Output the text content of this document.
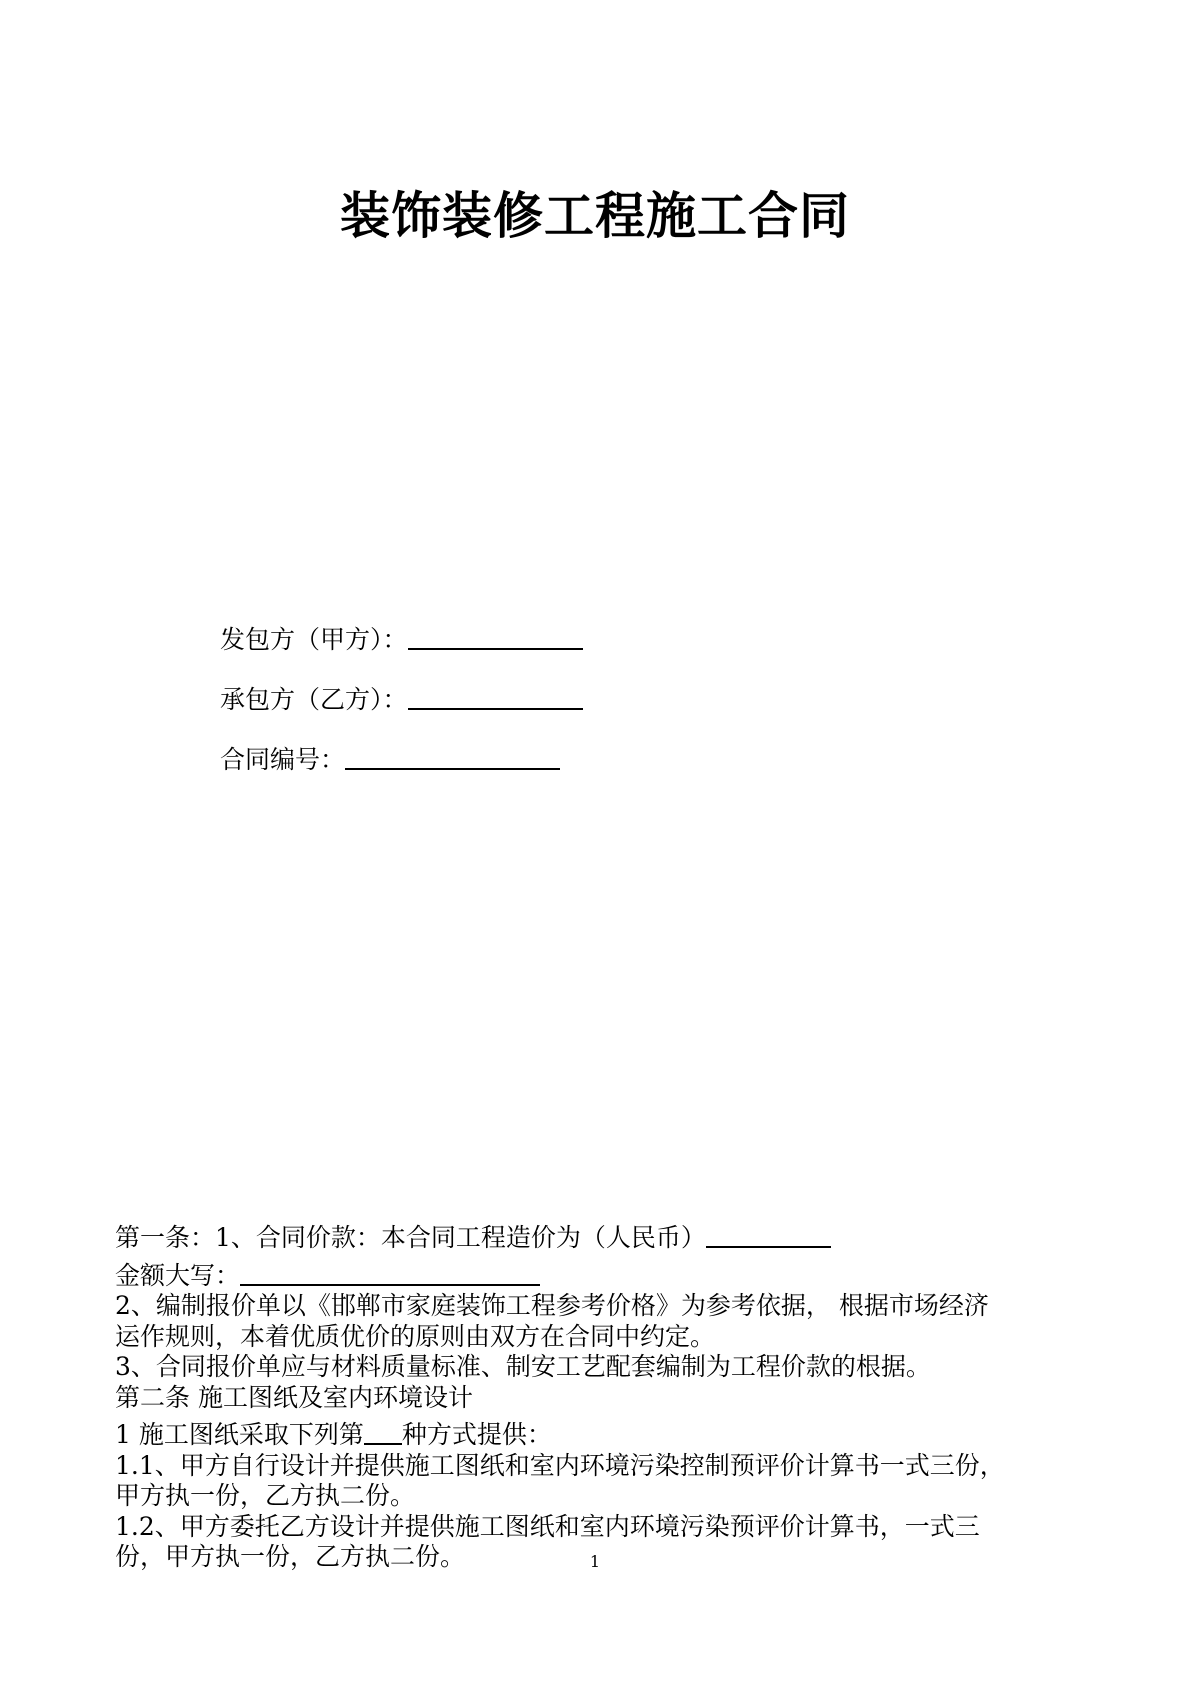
装饰装修工程施工合同
发包方（甲方）：
承包方（乙方）：
合同编号：
第一条：1、合同价款：本合同工程造价为（人民币）
金额大写：
2、编制报价单以《邯郸市家庭装饰工程参考价格》为参考依据， 根据市场经济
运作规则，本着优质优价的原则由双方在合同中约定。
3、合同报价单应与材料质量标准、制安工艺配套编制为工程价款的根据。
第二条 施工图纸及室内环境设计
1 施工图纸采取下列第 种方式提供：
1.1、甲方自行设计并提供施工图纸和室内环境污染控制预评价计算书一式三份，
甲方执一份，乙方执二份。
1.2、甲方委托乙方设计并提供施工图纸和室内环境污染预评价计算书，一式三
份，甲方执一份，乙方执二份。	1
